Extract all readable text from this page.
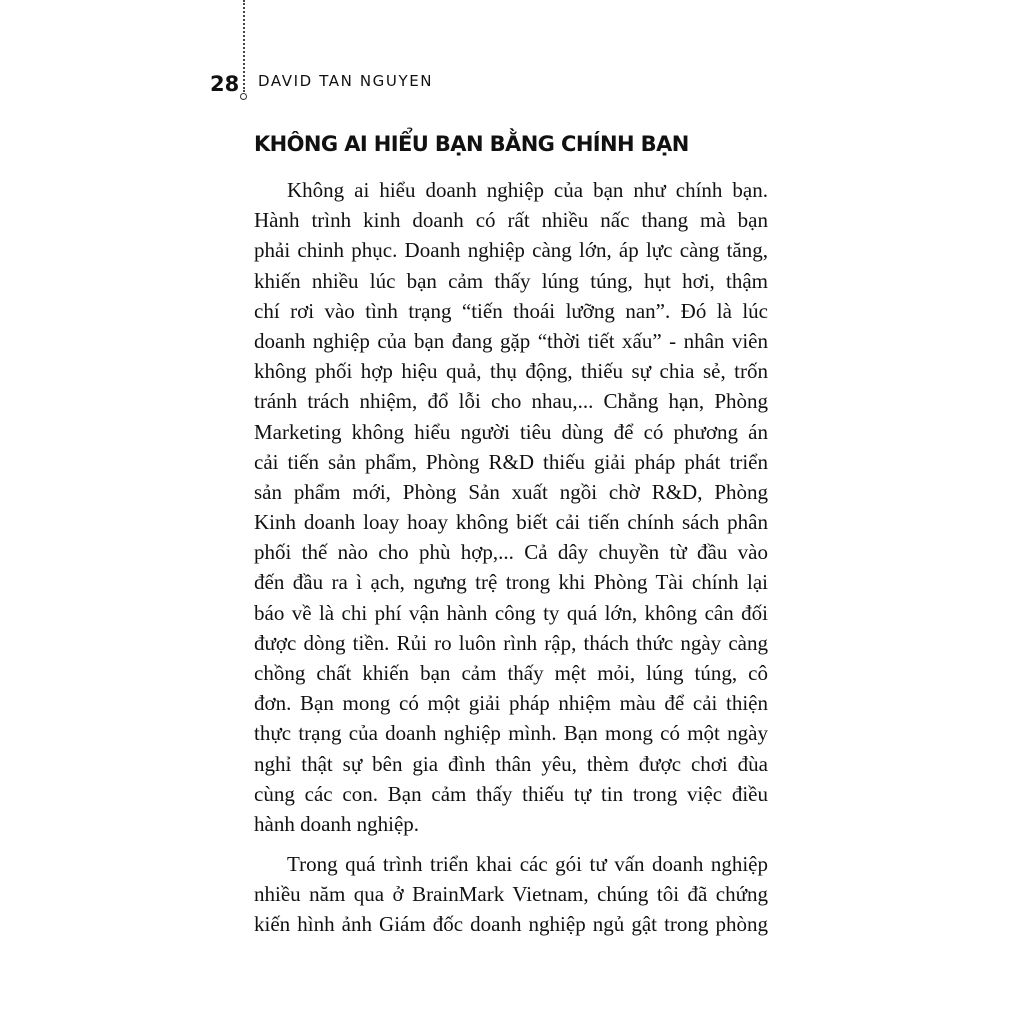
28 DAVID TAN NGUYEN
KHÔNG AI HIỂU BẠN BẰNG CHÍNH BẠN
Không ai hiểu doanh nghiệp của bạn như chính bạn.
Hành trình kinh doanh có rất nhiều nấc thang mà bạn
phải chinh phục. Doanh nghiệp càng lớn, áp lực càng tăng,
khiến nhiều lúc bạn cảm thấy lúng túng, hụt hơi, thậm
chí rơi vào tình trạng “tiến thoái lưỡng nan”. Đó là lúc
doanh nghiệp của bạn đang gặp “thời tiết xấu” - nhân viên
không phối hợp hiệu quả, thụ động, thiếu sự chia sẻ, trốn
tránh trách nhiệm, đổ lỗi cho nhau,... Chẳng hạn, Phòng
Marketing không hiểu người tiêu dùng để có phương án
cải tiến sản phẩm, Phòng R&D thiếu giải pháp phát triển
sản phẩm mới, Phòng Sản xuất ngồi chờ R&D, Phòng
Kinh doanh loay hoay không biết cải tiến chính sách phân
phối thế nào cho phù hợp,... Cả dây chuyền từ đầu vào
đến đầu ra ì ạch, ngưng trệ trong khi Phòng Tài chính lại
báo về là chi phí vận hành công ty quá lớn, không cân đối
được dòng tiền. Rủi ro luôn rình rập, thách thức ngày càng
chồng chất khiến bạn cảm thấy mệt mỏi, lúng túng, cô
đơn. Bạn mong có một giải pháp nhiệm màu để cải thiện
thực trạng của doanh nghiệp mình. Bạn mong có một ngày
nghỉ thật sự bên gia đình thân yêu, thèm được chơi đùa
cùng các con. Bạn cảm thấy thiếu tự tin trong việc điều
hành doanh nghiệp.
Trong quá trình triển khai các gói tư vấn doanh nghiệp
nhiều năm qua ở BrainMark Vietnam, chúng tôi đã chứng
kiến hình ảnh Giám đốc doanh nghiệp ngủ gật trong phòng
